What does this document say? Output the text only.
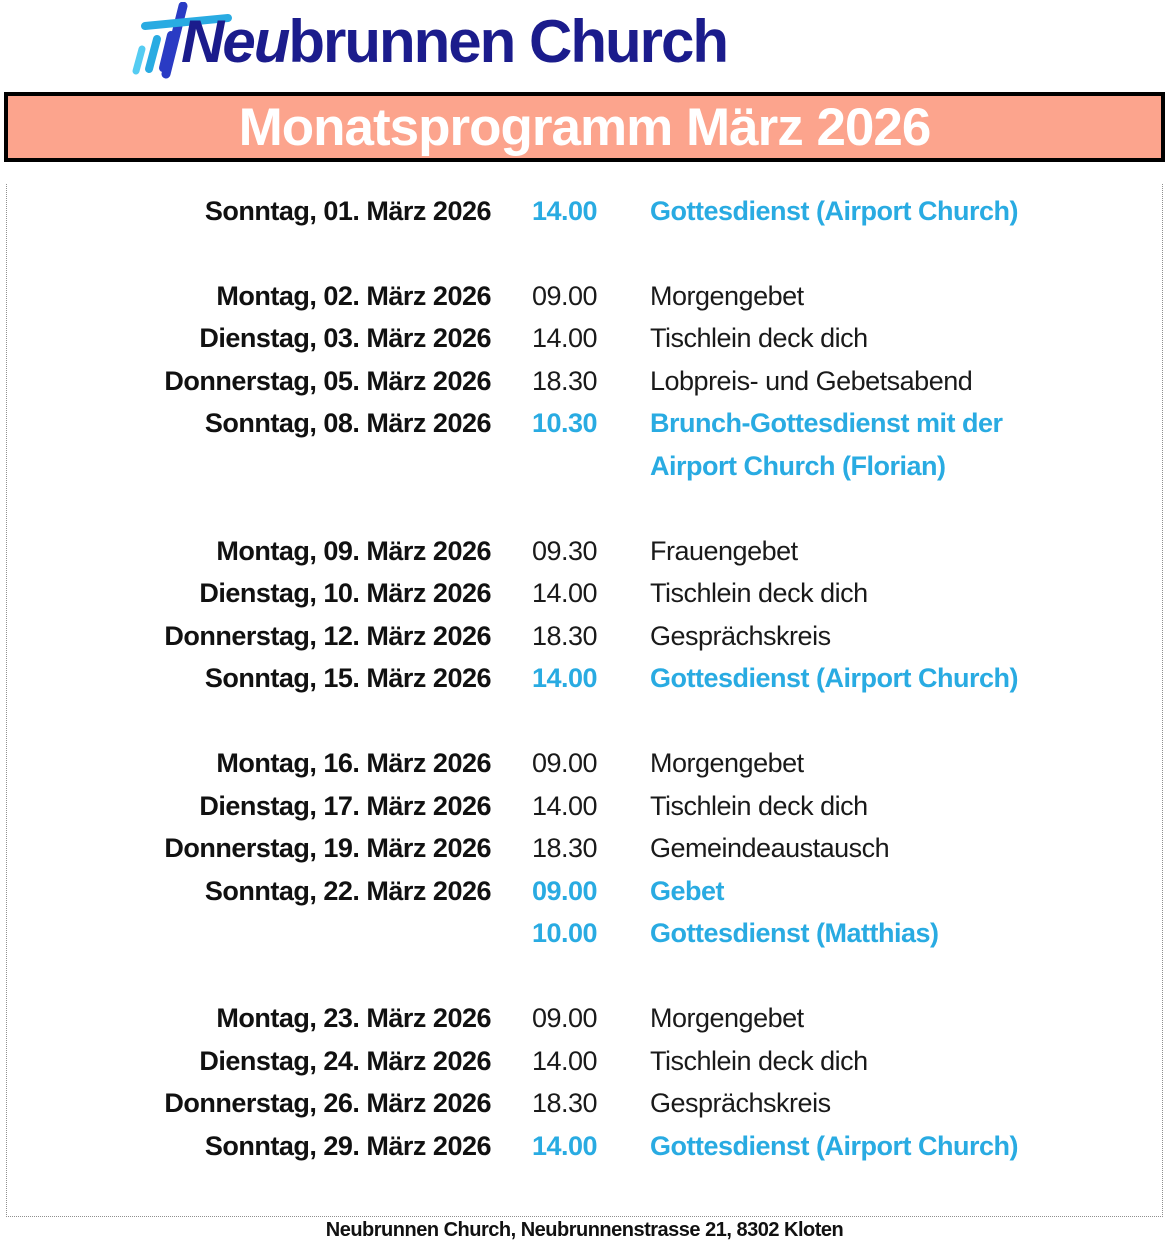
Neubrunnen Church
Monatsprogramm März 2026
Sonntag, 01. März 2026 14.00	Gottesdienst (Airport Church)
Montag, 02. März 2026 09.00	Morgengebet
Dienstag, 03. März 2026 14.00	Tischlein deck dich
Donnerstag, 05. März 2026 18.30	Lobpreis- und Gebetsabend
Sonntag, 08. März 2026 10.30	Brunch-Gottesdienst mit der
Airport Church (Florian)
Montag, 09. März 2026 09.30	Frauengebet
Dienstag, 10. März 2026 14.00	Tischlein deck dich
Donnerstag, 12. März 2026 18.30	Gesprächskreis
Sonntag, 15. März 2026 14.00	Gottesdienst (Airport Church)
Montag, 16. März 2026 09.00	Morgengebet
Dienstag, 17. März 2026 14.00	Tischlein deck dich
Donnerstag, 19. März 2026 18.30	Gemeindeaustausch
Sonntag, 22. März 2026 09.00	Gebet
10.00	Gottesdienst (Matthias)
Montag, 23. März 2026 09.00	Morgengebet
Dienstag, 24. März 2026 14.00	Tischlein deck dich
Donnerstag, 26. März 2026 18.30	Gesprächskreis
Sonntag, 29. März 2026 14.00	Gottesdienst (Airport Church)
Neubrunnen Church, Neubrunnenstrasse 21, 8302 Kloten
